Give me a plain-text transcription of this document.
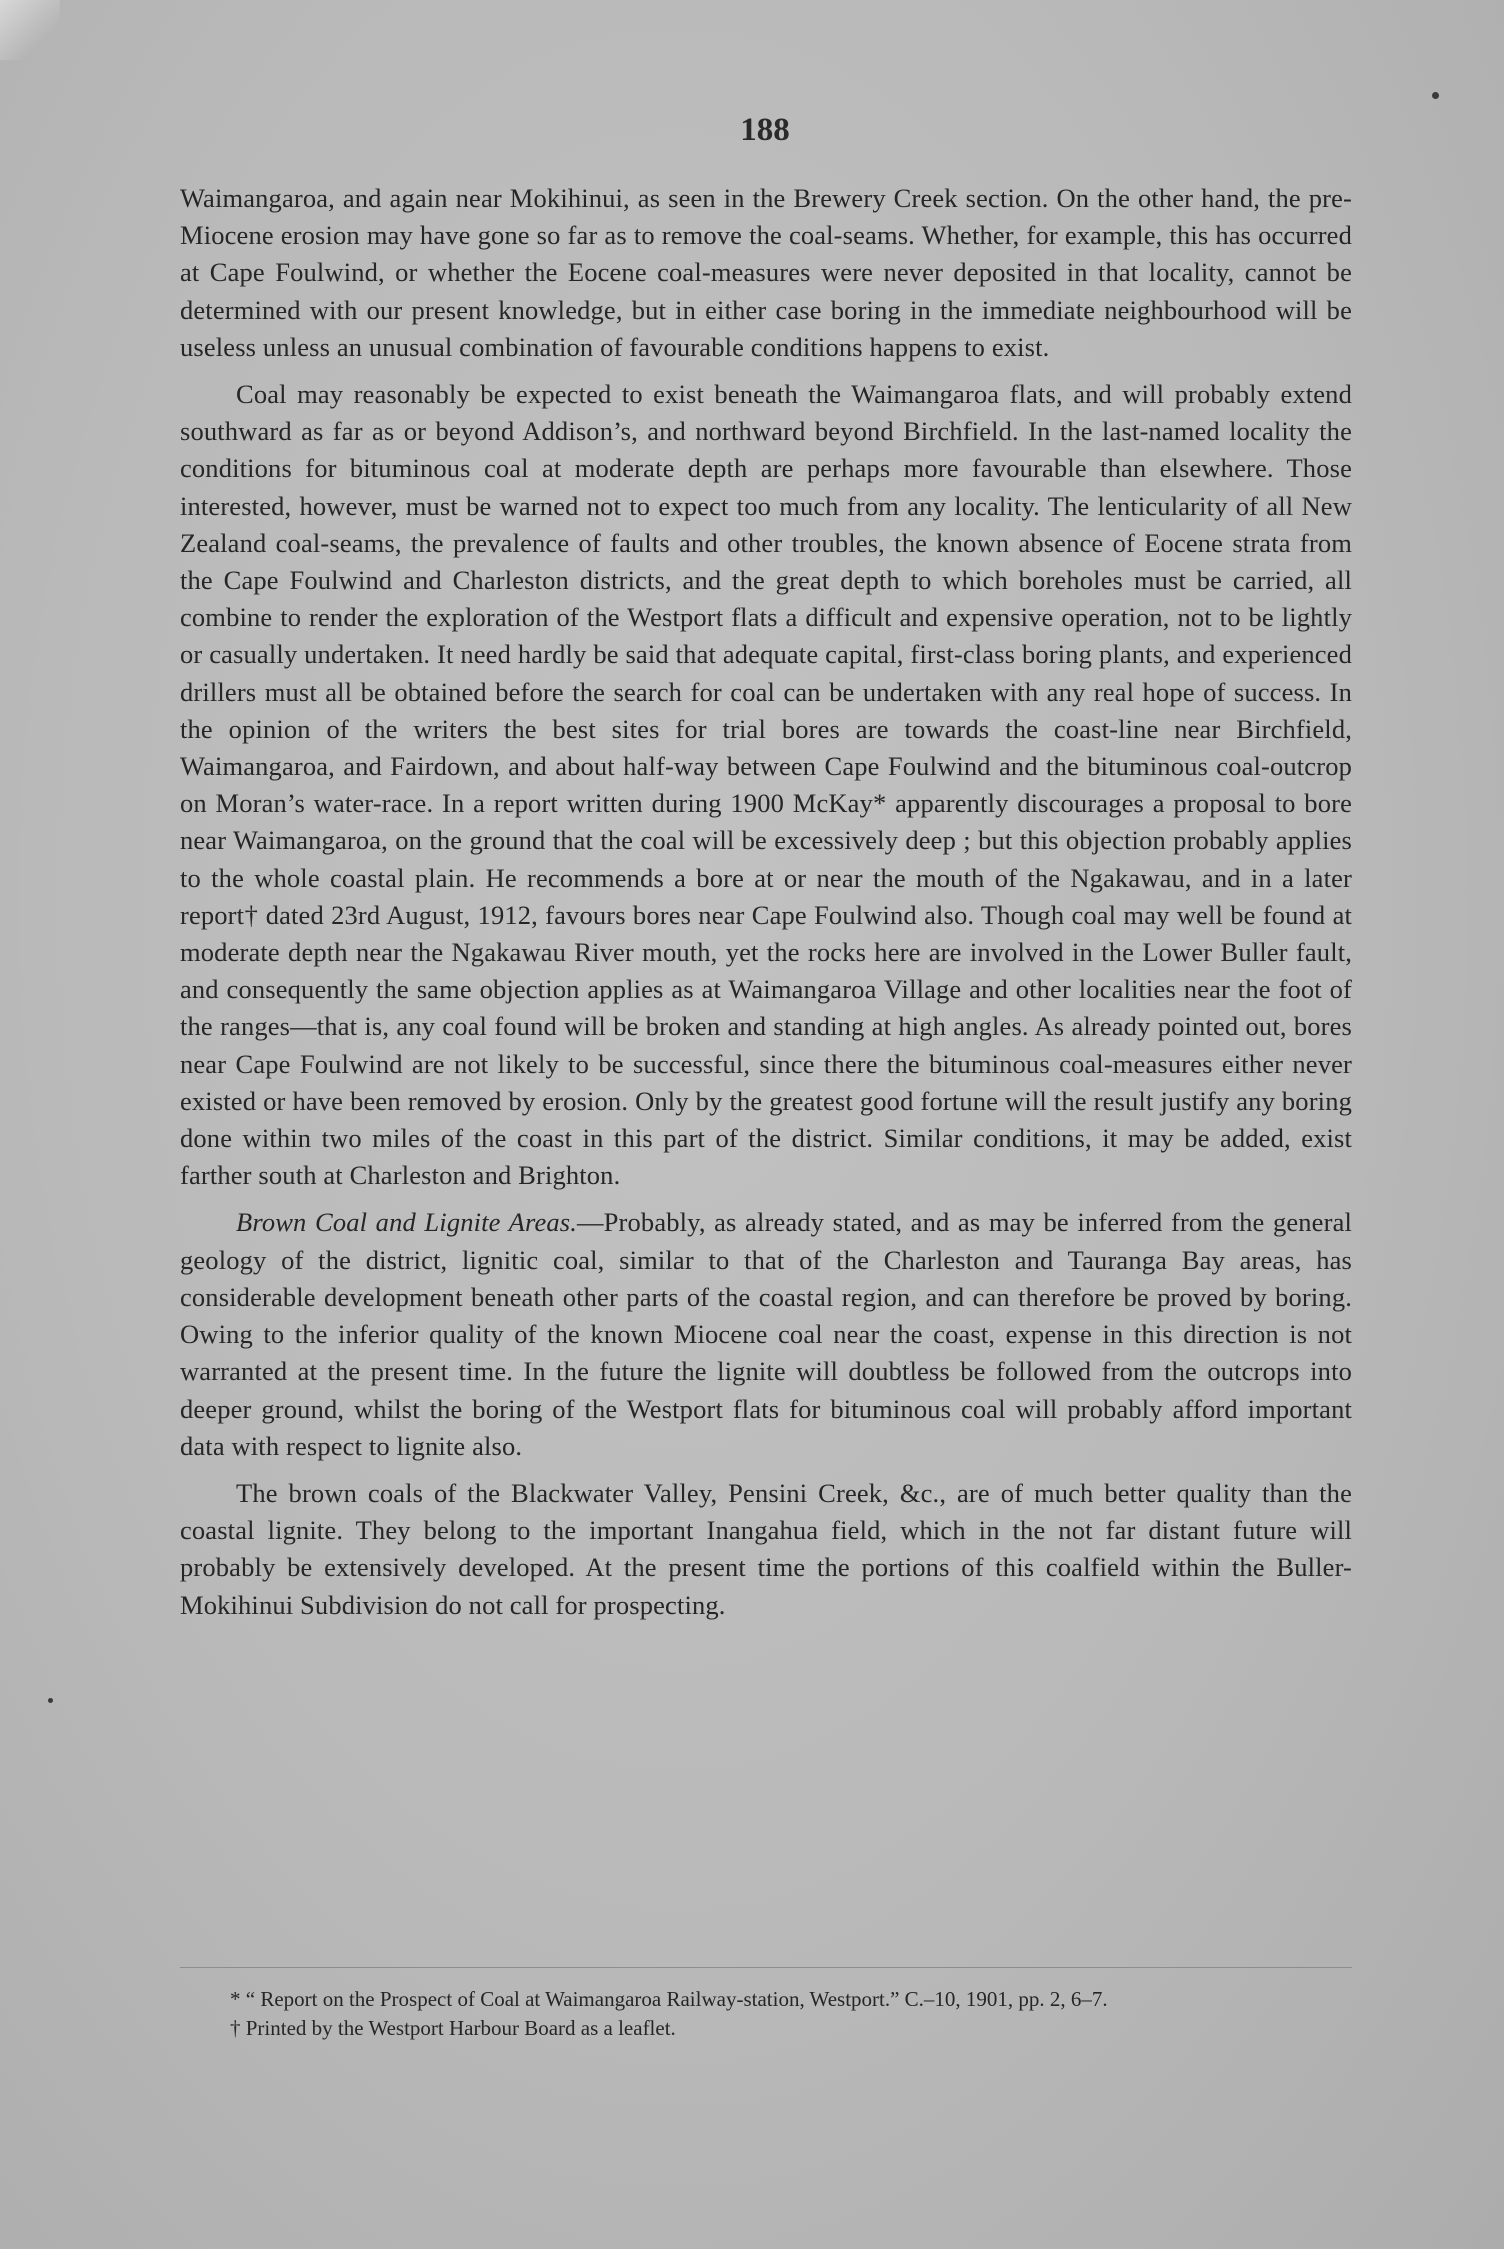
188

Waimangaroa, and again near Mokihinui, as seen in the Brewery Creek section. On the other hand, the pre-Miocene erosion may have gone so far as to remove the coal-seams. Whether, for example, this has occurred at Cape Foulwind, or whether the Eocene coal-measures were never deposited in that locality, cannot be determined with our present knowledge, but in either case boring in the immediate neighbourhood will be useless unless an unusual combination of favourable conditions happens to exist.

Coal may reasonably be expected to exist beneath the Waimangaroa flats, and will probably extend southward as far as or beyond Addison’s, and northward beyond Birchfield. In the last-named locality the conditions for bituminous coal at moderate depth are perhaps more favourable than elsewhere. Those interested, however, must be warned not to expect too much from any locality. The lenticularity of all New Zealand coal-seams, the prevalence of faults and other troubles, the known absence of Eocene strata from the Cape Foulwind and Charleston districts, and the great depth to which boreholes must be carried, all combine to render the exploration of the Westport flats a difficult and expensive operation, not to be lightly or casually undertaken. It need hardly be said that adequate capital, first-class boring plants, and experienced drillers must all be obtained before the search for coal can be undertaken with any real hope of success. In the opinion of the writers the best sites for trial bores are towards the coast-line near Birchfield, Waimangaroa, and Fairdown, and about half-way between Cape Foulwind and the bituminous coal-outcrop on Moran’s water-race. In a report written during 1900 McKay* apparently discourages a proposal to bore near Waimangaroa, on the ground that the coal will be excessively deep ; but this objection probably applies to the whole coastal plain. He recommends a bore at or near the mouth of the Ngakawau, and in a later report† dated 23rd August, 1912, favours bores near Cape Foulwind also. Though coal may well be found at moderate depth near the Ngakawau River mouth, yet the rocks here are involved in the Lower Buller fault, and consequently the same objection applies as at Waimangaroa Village and other localities near the foot of the ranges—that is, any coal found will be broken and standing at high angles. As already pointed out, bores near Cape Foulwind are not likely to be successful, since there the bituminous coal-measures either never existed or have been removed by erosion. Only by the greatest good fortune will the result justify any boring done within two miles of the coast in this part of the district. Similar conditions, it may be added, exist farther south at Charleston and Brighton.

Brown Coal and Lignite Areas.—Probably, as already stated, and as may be inferred from the general geology of the district, lignitic coal, similar to that of the Charleston and Tauranga Bay areas, has considerable development beneath other parts of the coastal region, and can therefore be proved by boring. Owing to the inferior quality of the known Miocene coal near the coast, expense in this direction is not warranted at the present time. In the future the lignite will doubtless be followed from the outcrops into deeper ground, whilst the boring of the Westport flats for bituminous coal will probably afford important data with respect to lignite also.

The brown coals of the Blackwater Valley, Pensini Creek, &c., are of much better quality than the coastal lignite. They belong to the important Inangahua field, which in the not far distant future will probably be extensively developed. At the present time the portions of this coalfield within the Buller-Mokihinui Subdivision do not call for prospecting.

* “ Report on the Prospect of Coal at Waimangaroa Railway-station, Westport.” C.–10, 1901, pp. 2, 6–7.

† Printed by the Westport Harbour Board as a leaflet.
